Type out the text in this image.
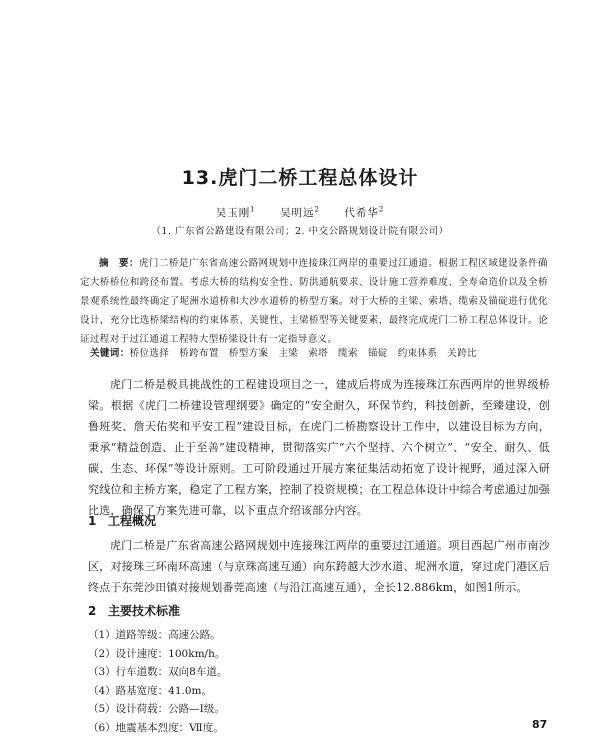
13.虎门二桥工程总体设计
吴玉刚$^1$ 吴明远$^2$ 代希华$^2$
（1. 广东省公路建设有限公司；2. 中交公路规划设计院有限公司）

摘　要：虎门二桥是广东省高速公路网规划中连接珠江两岸的重要过江通道。根据工程区域建设条件确定大桥桥位和跨径布置。考虑大桥的结构安全性、防洪通航要求、设计施工营养难度、全寿命造价以及全桥景观系统性最终确定了坭洲水道桥和大沙水道桥的桥型方案。对于大桥的主梁、索塔、缆索及锚碇进行优化设计，充分比选桥梁结构的约束体系、关键性、主梁桥型等关键要素，最终完成虎门二桥工程总体设计。论证过程对于过江通道工程特大型桥梁设计有一定指导意义。

关键词：桥位选择 桥跨布置 桥型方案 主梁 索塔 缆索 锚碇 约束体系 关跨比

虎门二桥是极具挑战性的工程建设项目之一，建成后将成为连接珠江东西两岸的世界级桥梁。根据《虎门二桥建设管理纲要》确定的“安全耐久，环保节约，科技创新，至臻建设，创鲁班奖、詹天佑奖和平安工程”建设目标，在虎门二桥勘察设计工作中，以建设目标为方向，秉承“精益创造、止于至善”建设精神，贯彻落实广“六个坚持、六个树立”、“安全、耐久、低碳、生态、环保”等设计原则。工可阶段通过开展方案征集活动拓宽了设计视野，通过深入研究线位和主桥方案，稳定了工程方案，控制了投资规模；在工程总体设计中综合考虑通过加强比选，确保了方案先进可靠，以下重点介绍该部分内容。

1 工程概况

虎门二桥是广东省高速公路网规划中连接珠江两岸的重要过江通道。项目西起广州市南沙区，对接珠三环南环高速（与京珠高速互通）向东跨越大沙水道、坭洲水道，穿过虎门港区后终点于东莞沙田镇对接规划番莞高速（与沿江高速互通），全长12.886km，如图1所示。

2 主要技术标准
（1）道路等级：高速公路。
（2）设计速度：100km/h。
（3）行车道数：双向8车道。
（4）路基宽度：41.0m。
（5）设计荷载：公路—Ⅰ级。
（6）地震基本烈度：Ⅶ度。	87
